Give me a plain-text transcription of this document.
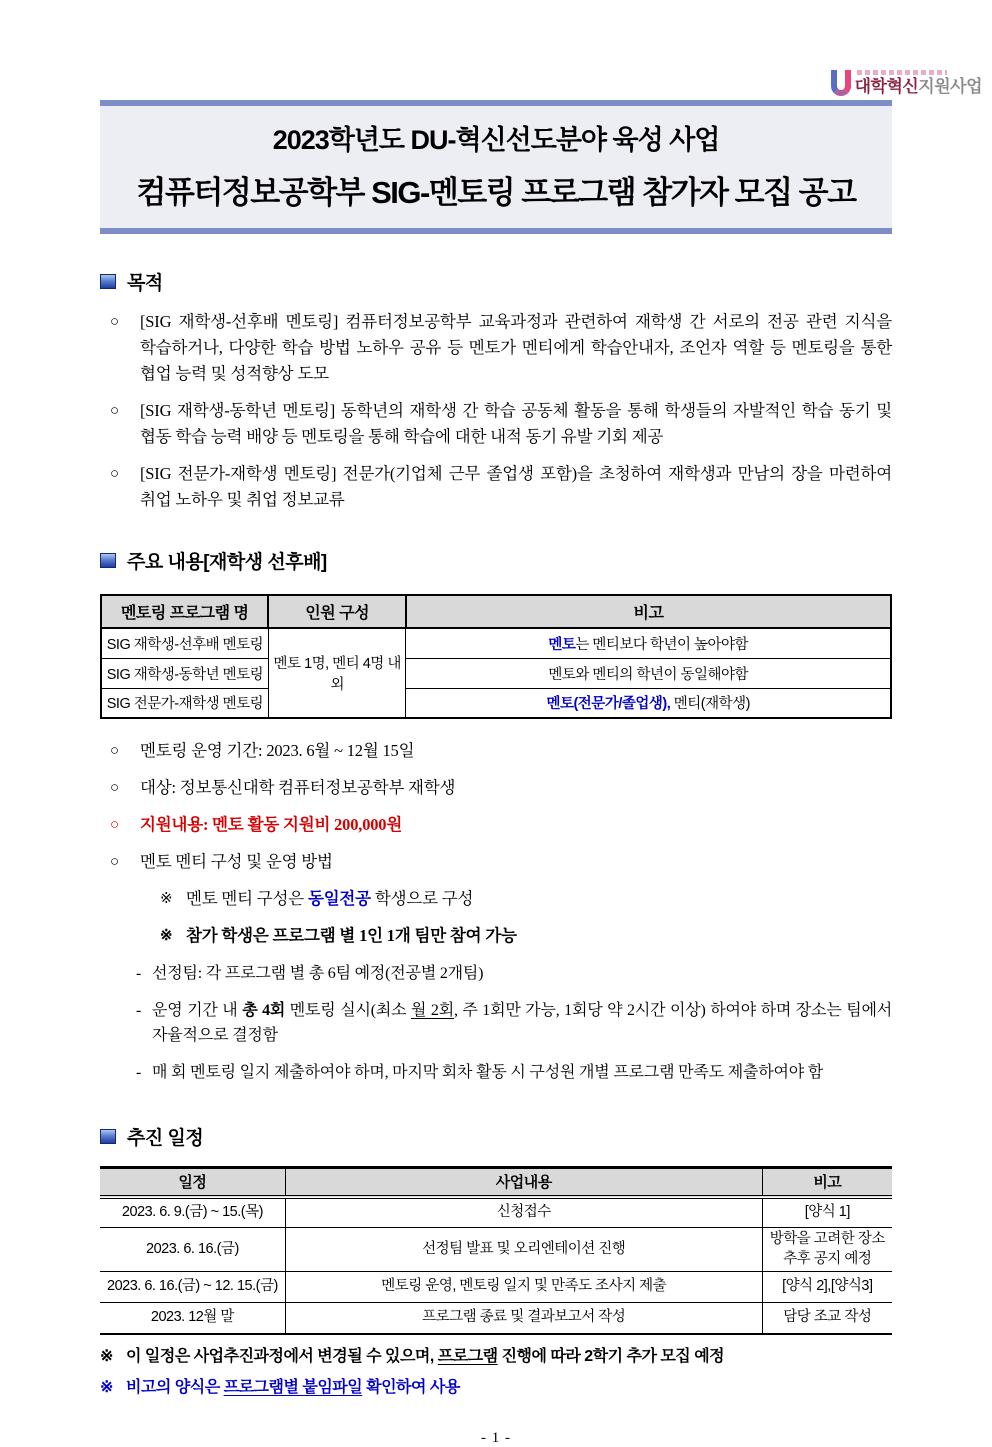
대학혁신지원사업
2023학년도 DU-혁신선도분야 육성 사업
컴퓨터정보공학부 SIG-멘토링 프로그램 참가자 모집 공고
목적
○	[SIG 재학생-선후배 멘토링] 컴퓨터정보공학부 교육과정과 관련하여 재학생 간 서로의 전공 관련 지식을 학습하거나, 다양한 학습 방법 노하우 공유 등 멘토가 멘티에게 학습안내자, 조언자 역할 등 멘토링을 통한 협업 능력 및 성적향상 도모
○	[SIG 재학생-동학년 멘토링] 동학년의 재학생 간 학습 공동체 활동을 통해 학생들의 자발적인 학습 동기 및 협동 학습 능력 배양 등 멘토링을 통해 학습에 대한 내적 동기 유발 기회 제공
○	[SIG 전문가-재학생 멘토링] 전문가(기업체 근무 졸업생 포함)을 초청하여 재학생과 만남의 장을 마련하여 취업 노하우 및 취업 정보교류
주요 내용[재학생 선후배]
멘토링 프로그램 명	인원 구성	비고
SIG 재학생-선후배 멘토링	멘토 1명, 멘티 4명 내외	멘토는 멘티보다 학년이 높아야함
SIG 재학생-동학년 멘토링		멘토와 멘티의 학년이 동일해야함
SIG 전문가-재학생 멘토링		멘토(전문가/졸업생), 멘티(재학생)
○	멘토링 운영 기간: 2023. 6월 ~ 12월 15일
○	대상: 정보통신대학 컴퓨터정보공학부 재학생
○	지원내용: 멘토 활동 지원비 200,000원
○	멘토 멘티 구성 및 운영 방법
※ 멘토 멘티 구성은 동일전공 학생으로 구성
※ 참가 학생은 프로그램 별 1인 1개 팀만 참여 가능
- 선정팀: 각 프로그램 별 총 6팀 예정(전공별 2개팀)
- 운영 기간 내 총 4회 멘토링 실시(최소 월 2회, 주 1회만 가능, 1회당 약 2시간 이상) 하여야 하며 장소는 팀에서 자율적으로 결정함
- 매 회 멘토링 일지 제출하여야 하며, 마지막 회차 활동 시 구성원 개별 프로그램 만족도 제출하여야 함
추진 일정
일정	사업내용	비고
2023. 6. 9.(금) ~ 15.(목)	신청접수	[양식 1]
2023. 6. 16.(금)	선정팀 발표 및 오리엔테이션 진행	방학을 고려한 장소 추후 공지 예정
2023. 6. 16.(금) ~ 12. 15.(금)	멘토링 운영, 멘토링 일지 및 만족도 조사지 제출	[양식 2],[양식3]
2023. 12월 말	프로그램 종료 및 결과보고서 작성	담당 조교 작성
※ 이 일정은 사업추진과정에서 변경될 수 있으며, 프로그램 진행에 따라 2학기 추가 모집 예정
※ 비고의 양식은 프로그램별 붙임파일 확인하여 사용
- 1 -
